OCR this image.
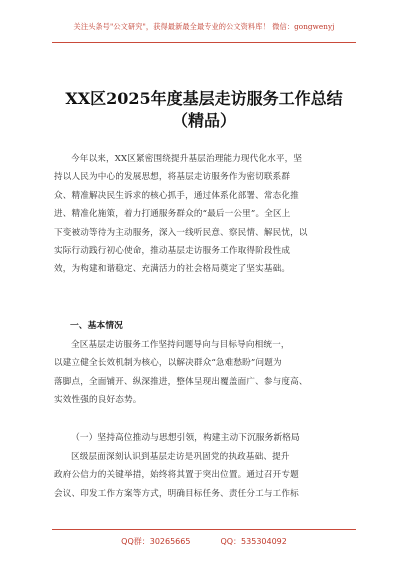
关注头条号"公文研究"，获得最新最全最专业的公文资料库！ 微信：gongwenyj
XX区2025年度基层走访服务工作总结
（精品）
今年以来，XX区紧密围绕提升基层治理能力现代化水平，坚
持以人民为中心的发展思想，将基层走访服务作为密切联系群
众、精准解决民生诉求的核心抓手，通过体系化部署、常态化推
进、精准化施策，着力打通服务群众的“最后一公里”。全区上
下变被动等待为主动服务，深入一线听民意、察民情、解民忧，以
实际行动践行初心使命，推动基层走访服务工作取得阶段性成
效，为构建和谐稳定、充满活力的社会格局奠定了坚实基础。
一、基本情况
全区基层走访服务工作坚持问题导向与目标导向相统一，
以建立健全长效机制为核心，以解决群众“急难愁盼”问题为
落脚点，全面铺开、纵深推进，整体呈现出覆盖面广、参与度高、
实效性强的良好态势。
（一）坚持高位推动与思想引领，构建主动下沉服务新格局
区级层面深刻认识到基层走访是巩固党的执政基础、提升
政府公信力的关键举措，始终将其置于突出位置。通过召开专题
会议、印发工作方案等方式，明确目标任务、责任分工与工作标
QQ群：30265665	QQ：535304092
